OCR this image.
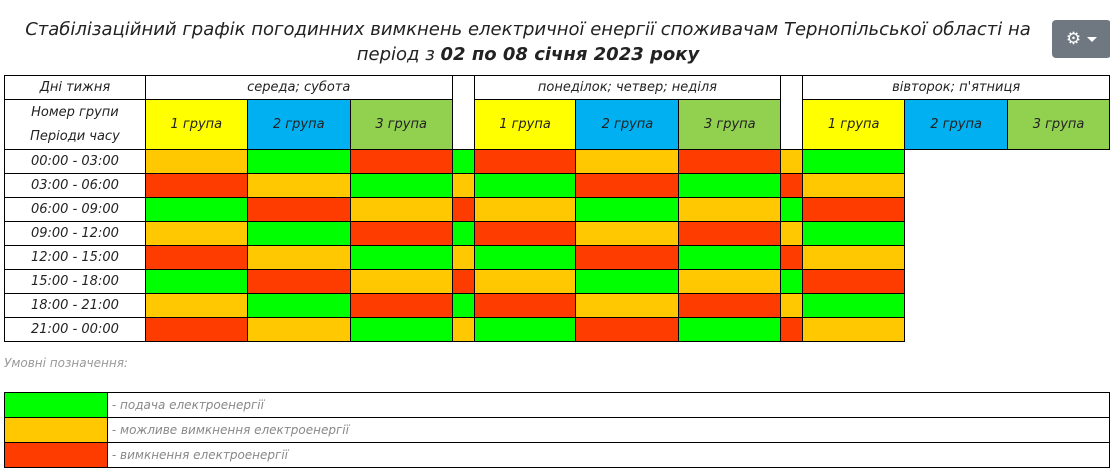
Стабілізаційний графік погодинних вимкнень електричної енергії споживачам Тернопільської області на
період з 02 по 08 січня 2023 року
⚙
Дні тижня	середа; субота				понеділок; четвер; неділя				вівторок; п'ятниця		
Номер групи	1 група	2 група	3 група		1 група	2 група	3 група		1 група	2 група	3 група
Періоди часу											
00:00 - 03:00											
03:00 - 06:00											
06:00 - 09:00											
09:00 - 12:00											
12:00 - 15:00											
15:00 - 18:00											
18:00 - 21:00											
21:00 - 00:00											
Умовні позначення:
	- подача електроенергії
	- можливе вимкнення електроенергії
	- вимкнення електроенергії
